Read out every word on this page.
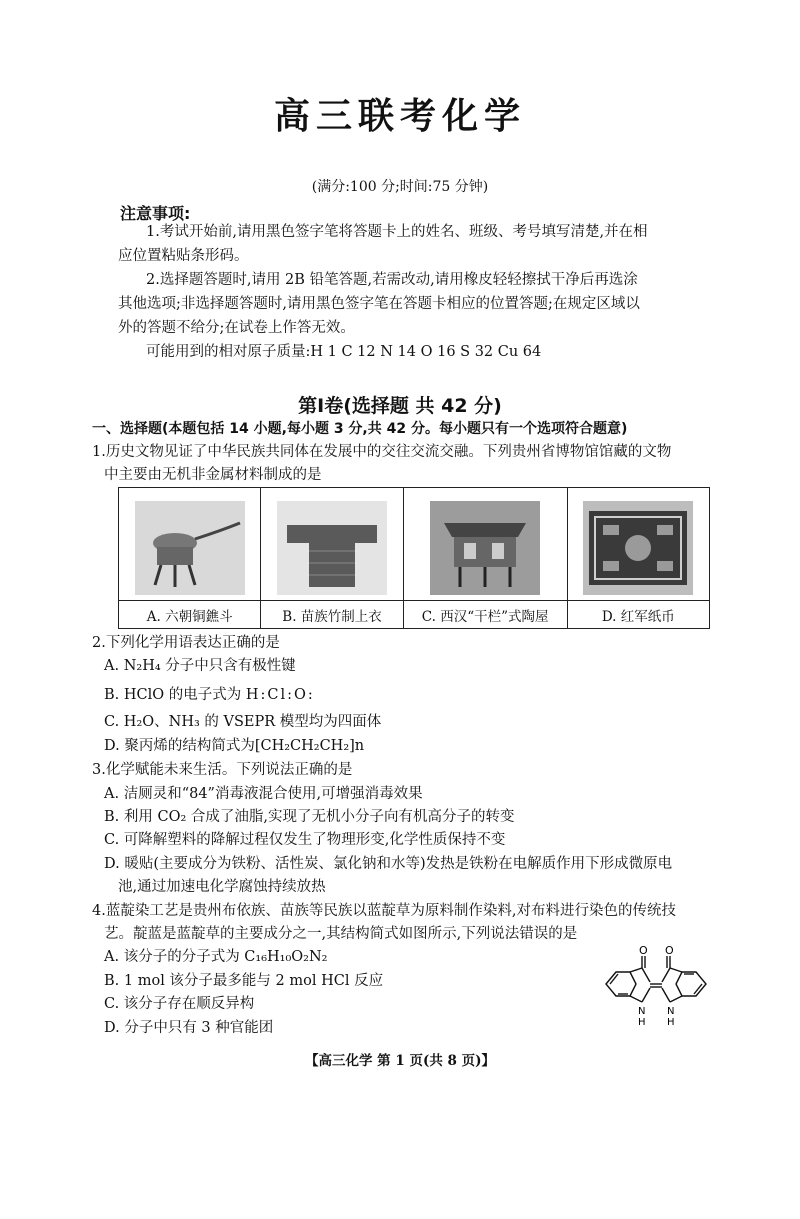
高三联考化学
(满分:100 分;时间:75 分钟)
注意事项:
1.考试开始前,请用黑色签字笔将答题卡上的姓名、班级、考号填写清楚,并在相
应位置粘贴条形码。
2.选择题答题时,请用 2B 铅笔答题,若需改动,请用橡皮轻轻擦拭干净后再选涂
其他选项;非选择题答题时,请用黑色签字笔在答题卡相应的位置答题;在规定区域以
外的答题不给分;在试卷上作答无效。
可能用到的相对原子质量:H 1 C 12 N 14 O 16 S 32 Cu 64
第Ⅰ卷(选择题 共 42 分)
一、选择题(本题包括 14 小题,每小题 3 分,共 42 分。每小题只有一个选项符合题意)
1.历史文物见证了中华民族共同体在发展中的交往交流交融。下列贵州省博物馆馆藏的文物
中主要由无机非金属材料制成的是

A. 六朝铜鐎斗	B. 苗族竹制上衣	C. 西汉“干栏”式陶屋	D. 红军纸币
2.下列化学用语表达正确的是
A. N₂H₄ 分子中只含有极性键
B. HClO 的电子式为 H:Cl:O:
C. H₂O、NH₃ 的 VSEPR 模型均为四面体
D. 聚丙烯的结构简式为[CH₂CH₂CH₂]n
3.化学赋能未来生活。下列说法正确的是
A. 洁厕灵和“84”消毒液混合使用,可增强消毒效果
B. 利用 CO₂ 合成了油脂,实现了无机小分子向有机高分子的转变
C. 可降解塑料的降解过程仅发生了物理形变,化学性质保持不变
D. 暖贴(主要成分为铁粉、活性炭、氯化钠和水等)发热是铁粉在电解质作用下形成微原电
池,通过加速电化学腐蚀持续放热
4.蓝靛染工艺是贵州布依族、苗族等民族以蓝靛草为原料制作染料,对布料进行染色的传统技
艺。靛蓝是蓝靛草的主要成分之一,其结构简式如图所示,下列说法错误的是
A. 该分子的分子式为 C₁₆H₁₀O₂N₂
B. 1 mol 该分子最多能与 2 mol HCl 反应
C. 该分子存在顺反异构
D. 分子中只有 3 种官能团
O O
N
H
N
H
【高三化学 第 1 页(共 8 页)】
